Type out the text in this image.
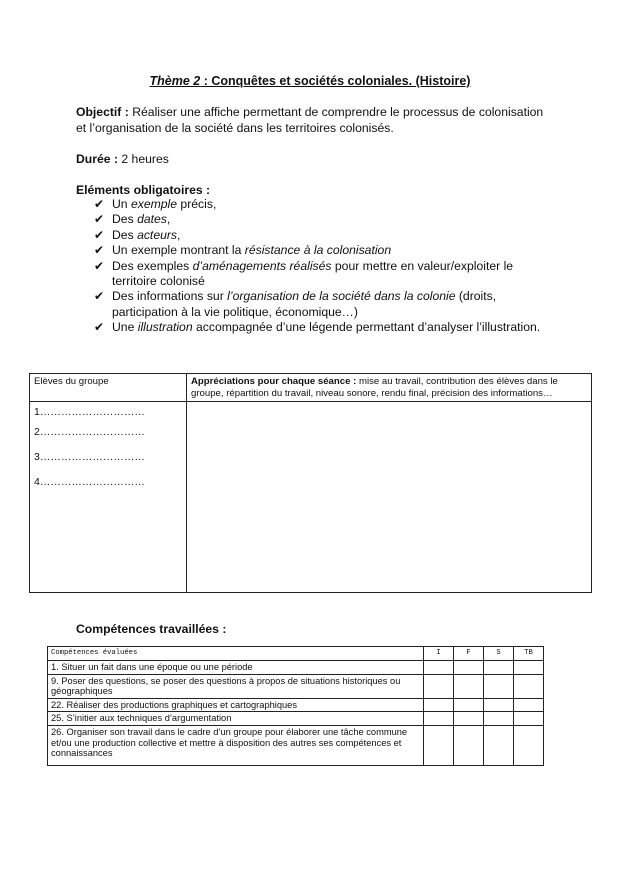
Thème 2 : Conquêtes et sociétés coloniales. (Histoire)
Objectif : Réaliser une affiche permettant de comprendre le processus de colonisation et l’organisation de la société dans les territoires colonisés.
Durée : 2 heures
Eléments obligatoires :
✔ Un exemple précis,
✔ Des dates,
✔ Des acteurs,
✔ Un exemple montrant la résistance à la colonisation
✔ Des exemples d’aménagements réalisés pour mettre en valeur/exploiter le territoire colonisé
✔ Des informations sur l’organisation de la société dans la colonie (droits, participation à la vie politique, économique…)
✔ Une illustration accompagnée d’une légende permettant d’analyser l’illustration.
Elèves du groupe	Appréciations pour chaque séance : mise au travail, contribution des élèves dans le groupe, répartition du travail, niveau sonore, rendu final, précision des informations…

1…………………………
2…………………………
3…………………………
4…………………………	

Compétences travaillées :
Compétences évaluées	I	F	S	TB
1. Situer un fait dans une époque ou une période				
9. Poser des questions, se poser des questions à propos de situations historiques ou géographiques				
22. Réaliser des productions graphiques et cartographiques				
25. S’initier aux techniques d’argumentation				
26. Organiser son travail dans le cadre d’un groupe pour élaborer une tâche commune et/ou une production collective et mettre à disposition des autres ses compétences et connaissances				
